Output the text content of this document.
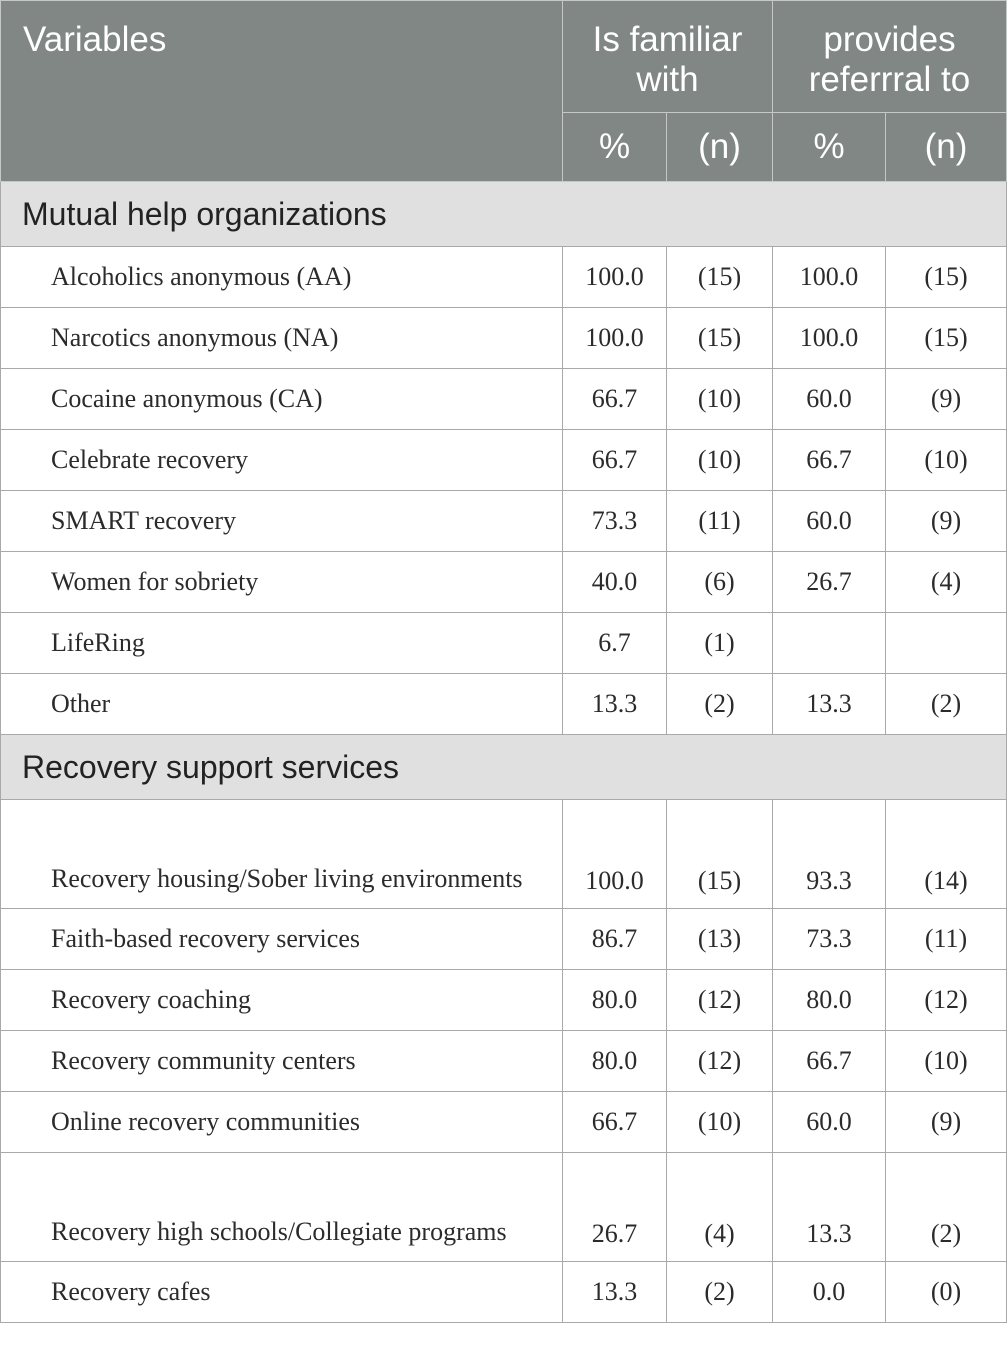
Variables	Is familiar with		provides referrral to	
	%	(n)	%	(n)
Mutual help organizations				
Alcoholics anonymous (AA)	100.0	(15)	100.0	(15)
Narcotics anonymous (NA)	100.0	(15)	100.0	(15)
Cocaine anonymous (CA)	66.7	(10)	60.0	(9)
Celebrate recovery	66.7	(10)	66.7	(10)
SMART recovery	73.3	(11)	60.0	(9)
Women for sobriety	40.0	(6)	26.7	(4)
LifeRing	6.7	(1)		
Other	13.3	(2)	13.3	(2)
Recovery support services				
Recovery housing/Sober living environments	100.0	(15)	93.3	(14)
Faith-based recovery services	86.7	(13)	73.3	(11)
Recovery coaching	80.0	(12)	80.0	(12)
Recovery community centers	80.0	(12)	66.7	(10)
Online recovery communities	66.7	(10)	60.0	(9)
Recovery high schools/Collegiate programs	26.7	(4)	13.3	(2)
Recovery cafes	13.3	(2)	0.0	(0)
